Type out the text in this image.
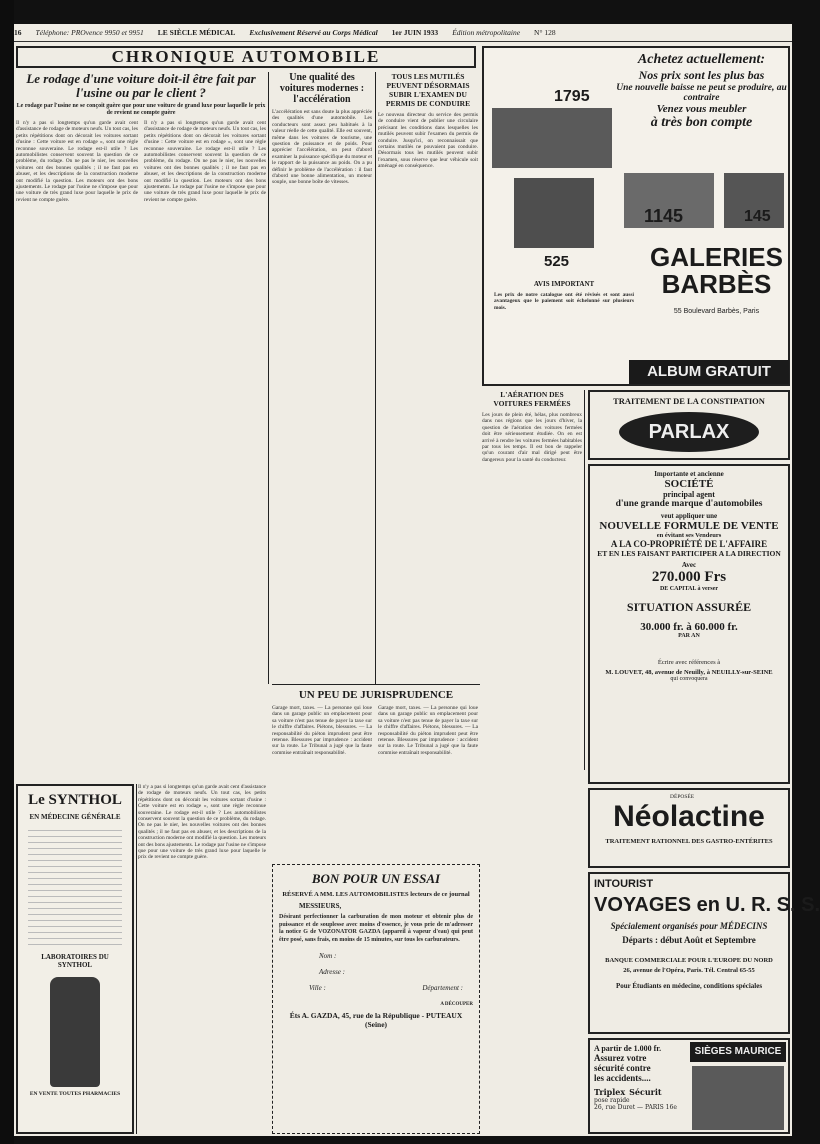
16 Téléphone: PROvence 9950 et 9951 LE SIÈCLE MÉDICAL Exclusivement Réservé au Corps Médical 1er JUIN 1933 Édition métropolitaine N° 128
CHRONIQUE AUTOMOBILE
Le rodage d'une voiture doit-il être fait par l'usine ou par le client ?
Le rodage par l'usine ne se conçoit guère que pour une voiture de grand luxe pour laquelle le prix de revient ne compte guère
Il n'y a pas si longtemps qu'un garde avait cent d'assistance de rodage de moteurs neufs. Un tout cas, les petits répétitions dont on décorait les voitures sortant d'usine : Cette voiture est en rodage », sont une règle reconnue souveraine. Le rodage est-il utile ? Les automobilistes conservent souvent la question de ce problème, du rodage. On ne pas le nier, les nouvelles voitures ont des bonnes qualités ; il ne faut pas en abuser, et les descriptions de la construction moderne ont modifié la question. Les moteurs ont des bons ajustements. Le rodage par l'usine ne s'impose que pour une voiture de très grand luxe pour laquelle le prix de revient ne compte guère.
Il n'y a pas si longtemps qu'un garde avait cent d'assistance de rodage de moteurs neufs. Un tout cas, les petits répétitions dont on décorait les voitures sortant d'usine : Cette voiture est en rodage », sont une règle reconnue souveraine. Le rodage est-il utile ? Les automobilistes conservent souvent la question de ce problème, du rodage. On ne pas le nier, les nouvelles voitures ont des bonnes qualités ; il ne faut pas en abuser, et les descriptions de la construction moderne ont modifié la question. Les moteurs ont des bons ajustements. Le rodage par l'usine ne s'impose que pour une voiture de très grand luxe pour laquelle le prix de revient ne compte guère.
Une qualité des voitures modernes : l'accélération
L'accélération est sans doute la plus appréciée des qualités d'une automobile. Les conducteurs sont assez peu habitués à la valeur réelle de cette qualité. Elle est souvent, même dans les voitures de tourisme, une question de puissance et de poids. Pour apprécier l'accélération, on peut d'abord examiner la puissance spécifique du moteur et le rapport de la puissance au poids. On a pu définir le problème de l'accélération : il faut d'abord une bonne alimentation, un moteur souple, une bonne boîte de vitesses.
TOUS LES MUTILÉS PEUVENT DÉSORMAIS SUBIR L'EXAMEN DU PERMIS DE CONDUIRE
Le nouveau directeur du service des permis de conduire vient de publier une circulaire précisant les conditions dans lesquelles les mutilés peuvent subir l'examen du permis de conduire. Jusqu'ici, on reconnaissait que certains mutilés ne pouvaient pas conduire. Désormais tous les mutilés peuvent subir l'examen, sous réserve que leur véhicule soit aménagé en conséquence.
Le SYNTHOL
EN MÉDECINE GÉNÉRALE
LABORATOIRES DU SYNTHOL
EN VENTE TOUTES PHARMACIES
Il n'y a pas si longtemps qu'un garde avait cent d'assistance de rodage de moteurs neufs. Un tout cas, les petits répétitions dont on décorait les voitures sortant d'usine : Cette voiture est en rodage », sont une règle reconnue souveraine. Le rodage est-il utile ? Les automobilistes conservent souvent la question de ce problème, du rodage. On ne pas le nier, les nouvelles voitures ont des bonnes qualités ; il ne faut pas en abuser, et les descriptions de la construction moderne ont modifié la question. Les moteurs ont des bons ajustements. Le rodage par l'usine ne s'impose que pour une voiture de très grand luxe pour laquelle le prix de revient ne compte guère.
UN PEU DE JURISPRUDENCE
Garage mort, taxes. — La personne qui loue dans un garage public un emplacement pour sa voiture n'est pas tenue de payer la taxe sur le chiffre d'affaires. Piétons, blessures. — La responsabilité du piéton imprudent peut être retenue. Blessures par imprudence : accident sur la route. Le Tribunal a jugé que la faute commise entraînait responsabilité.
Garage mort, taxes. — La personne qui loue dans un garage public un emplacement pour sa voiture n'est pas tenue de payer la taxe sur le chiffre d'affaires. Piétons, blessures. — La responsabilité du piéton imprudent peut être retenue. Blessures par imprudence : accident sur la route. Le Tribunal a jugé que la faute commise entraînait responsabilité.
BON POUR UN ESSAI
RÉSERVÉ A MM. LES AUTOMOBILISTES lecteurs de ce journal
MESSIEURS,
Désirant perfectionner la carburation de mon moteur et obtenir plus de puissance et de souplesse avec moins d'essence, je vous prie de m'adresser la notice G de VOZONATOR GAZDA (appareil à vapeur d'eau) qui peut être posé, sans frais, en moins de 15 minutes, sur tous les carburateurs.
Nom :
Adresse :
Ville :	Département :
A DÉCOUPER
Éts A. GAZDA, 45, rue de la République - PUTEAUX (Seine)
Achetez actuellement:
Nos prix sont les plus bas
Une nouvelle baisse ne peut se produire, au contraire
Venez vous meubler
à très bon compte
1795
1145	145
525	GALERIES BARBÈS
55 Boulevard Barbès, Paris
AVIS IMPORTANT
Les prix de notre catalogue ont été révisés et sont aussi avantageux que le paiement soit échelonné sur plusieurs mois.
ALBUM GRATUIT
L'AÉRATION DES VOITURES FERMÉES
Les jours de plein été, hélas, plus nombreux dans nos régions que les jours d'hiver, la question de l'aération des voitures fermées doit être sérieusement étudiée. On en est arrivé à rendre les voitures fermées habitables par tous les temps. Il est bon de rappeler qu'un courant d'air mal dirigé peut être dangereux pour la santé du conducteur.
TRAITEMENT DE LA CONSTIPATION
PARLAX
Importante et ancienne
SOCIÉTÉ
principal agent
d'une grande marque d'automobiles
veut appliquer une
NOUVELLE FORMULE DE VENTE
en évitant ses Vendeurs
A LA CO-PROPRIÉTÉ DE L'AFFAIRE
ET EN LES FAISANT PARTICIPER A LA DIRECTION
Avec
270.000 Frs
DE CAPITAL à verser
SITUATION ASSURÉE
30.000 fr. à 60.000 fr.
PAR AN
Écrire avec références à
M. LOUVET, 48, avenue de Neuilly, à NEUILLY-sur-SEINE
qui convoquera
DÉPOSÉE
Néolactine
TRAITEMENT RATIONNEL DES GASTRO-ENTÉRITES
INTOURIST
VOYAGES en U. R. S. S.
Spécialement organisés pour MÉDECINS
Départs : début Août et Septembre
BANQUE COMMERCIALE POUR L'EUROPE DU NORD
26, avenue de l'Opéra, Paris. Tél. Central 65-55
Pour Étudiants en médecine, conditions spéciales
A partir de 1.000 fr.
Assurez votre
sécurité contre
les accidents....
Triplex Sécurit
pose rapide
26, rue Duret — PARIS 16e
SIÈGES MAURICE
